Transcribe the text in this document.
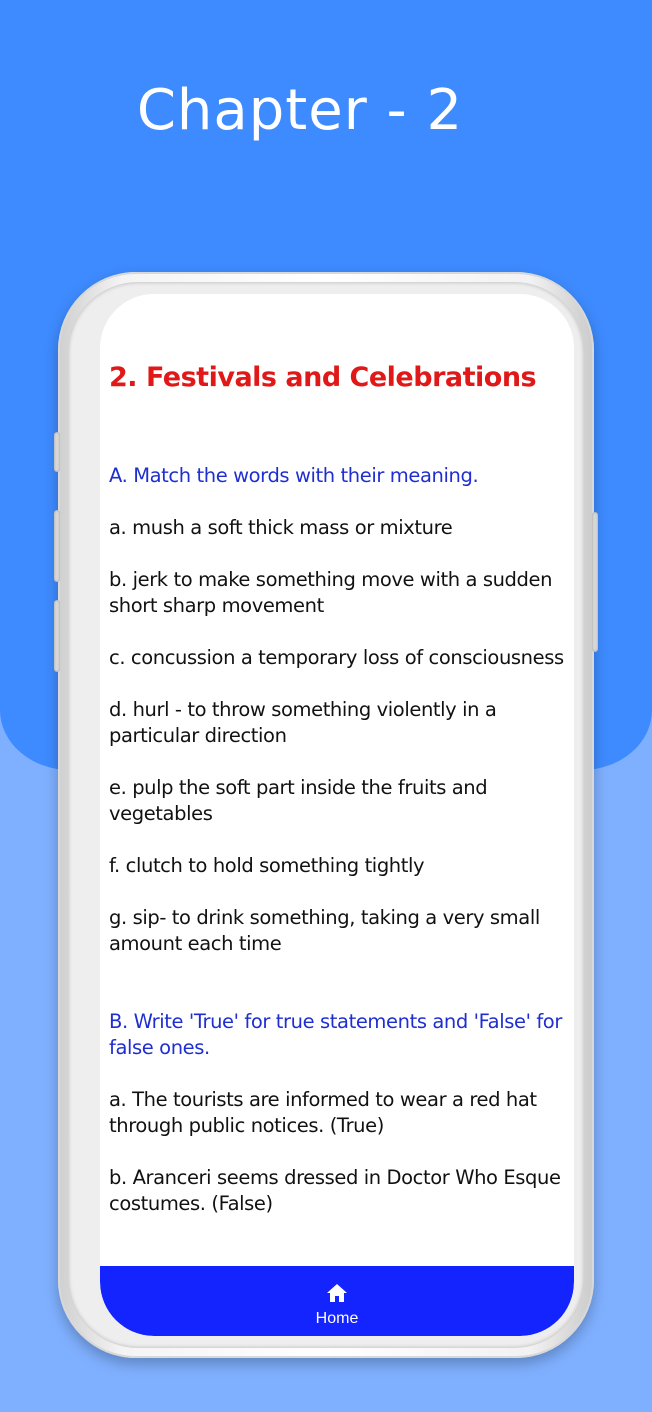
Chapter - 2
2. Festivals and Celebrations
A. Match the words with their meaning.
a. mush a soft thick mass or mixture
b. jerk to make something move with a sudden short sharp movement
c. concussion a temporary loss of consciousness
d. hurl - to throw something violently in a particular direction
e. pulp the soft part inside the fruits and vegetables
f. clutch to hold something tightly
g. sip- to drink something, taking a very small amount each time
B. Write 'True' for true statements and 'False' for false ones.
a. The tourists are informed to wear a red hat through public notices. (True)
b. Aranceri seems dressed in Doctor Who Esque costumes. (False)
Home
